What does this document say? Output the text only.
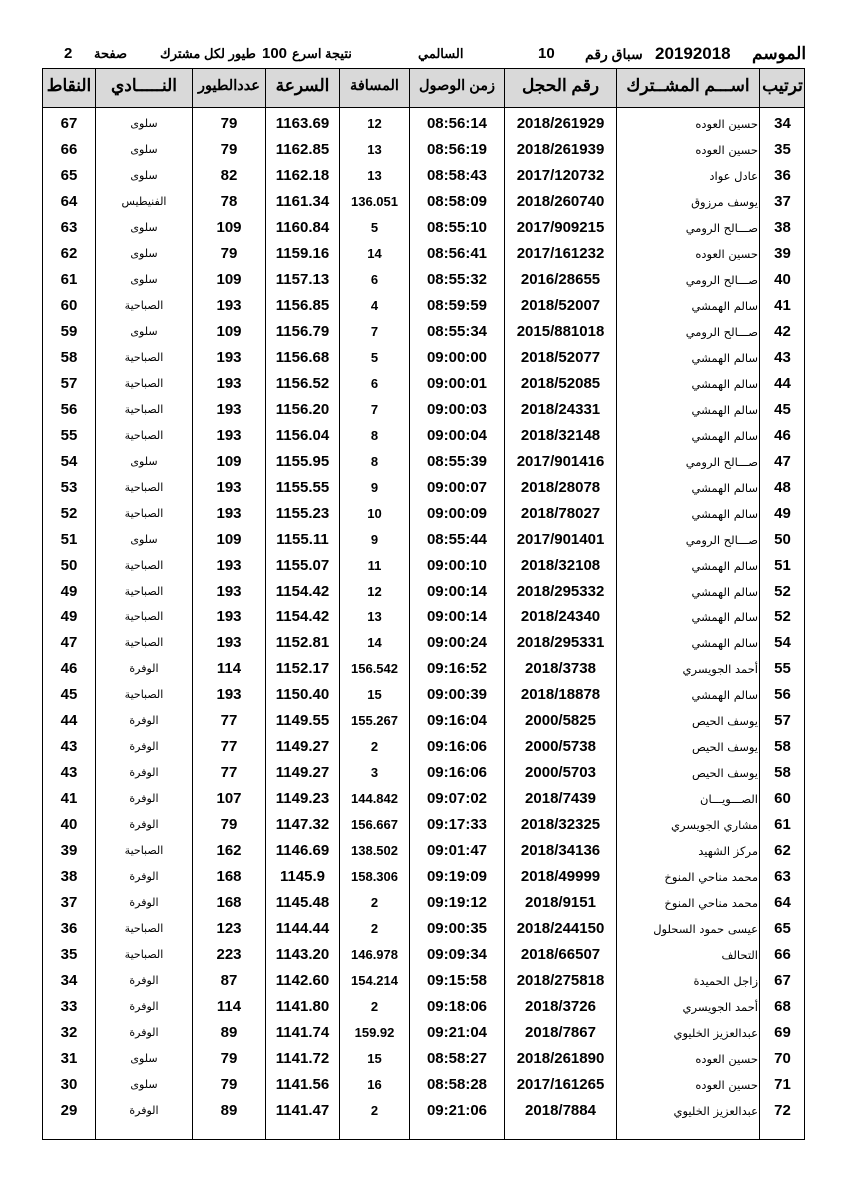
الموسم
20192018
سباق رقم
10
السالمي
نتيجة اسرع
100
طيور لكل مشترك
صفحة
2
ترتيب
اســـم المشــترك
رقم الحجل
زمن الوصول
المسافة
السرعة
عددالطيور
النـــــادي
النقاط
34
حسين العوده
2018/261929
08:56:14
12
1163.69
79
سلوى
67
35
حسين العوده
2018/261939
08:56:19
13
1162.85
79
سلوى
66
36
عادل عواد
2017/120732
08:58:43
13
1162.18
82
سلوى
65
37
يوسف مرزوق
2018/260740
08:58:09
136.051
1161.34
78
الفنيطيس
64
38
صـــالح الرومي
2017/909215
08:55:10
5
1160.84
109
سلوى
63
39
حسين العوده
2017/161232
08:56:41
14
1159.16
79
سلوى
62
40
صـــالح الرومي
2016/28655
08:55:32
6
1157.13
109
سلوى
61
41
سالم الهمشي
2018/52007
08:59:59
4
1156.85
193
الصباحية
60
42
صـــالح الرومي
2015/881018
08:55:34
7
1156.79
109
سلوى
59
43
سالم الهمشي
2018/52077
09:00:00
5
1156.68
193
الصباحية
58
44
سالم الهمشي
2018/52085
09:00:01
6
1156.52
193
الصباحية
57
45
سالم الهمشي
2018/24331
09:00:03
7
1156.20
193
الصباحية
56
46
سالم الهمشي
2018/32148
09:00:04
8
1156.04
193
الصباحية
55
47
صـــالح الرومي
2017/901416
08:55:39
8
1155.95
109
سلوى
54
48
سالم الهمشي
2018/28078
09:00:07
9
1155.55
193
الصباحية
53
49
سالم الهمشي
2018/78027
09:00:09
10
1155.23
193
الصباحية
52
50
صـــالح الرومي
2017/901401
08:55:44
9
1155.11
109
سلوى
51
51
سالم الهمشي
2018/32108
09:00:10
11
1155.07
193
الصباحية
50
52
سالم الهمشي
2018/295332
09:00:14
12
1154.42
193
الصباحية
49
52
سالم الهمشي
2018/24340
09:00:14
13
1154.42
193
الصباحية
49
54
سالم الهمشي
2018/295331
09:00:24
14
1152.81
193
الصباحية
47
55
أحمد الجويسري
2018/3738
09:16:52
156.542
1152.17
114
الوفرة
46
56
سالم الهمشي
2018/18878
09:00:39
15
1150.40
193
الصباحية
45
57
يوسف الحيص
2000/5825
09:16:04
155.267
1149.55
77
الوفرة
44
58
يوسف الحيص
2000/5738
09:16:06
2
1149.27
77
الوفرة
43
58
يوسف الحيص
2000/5703
09:16:06
3
1149.27
77
الوفرة
43
60
الصـــويـــان
2018/7439
09:07:02
144.842
1149.23
107
الوفرة
41
61
مشاري الجويسري
2018/32325
09:17:33
156.667
1147.32
79
الوفرة
40
62
مركز الشهيد
2018/34136
09:01:47
138.502
1146.69
162
الصباحية
39
63
محمد مناحي المنوخ
2018/49999
09:19:09
158.306
1145.9
168
الوفرة
38
64
محمد مناحي المنوخ
2018/9151
09:19:12
2
1145.48
168
الوفرة
37
65
عيسى حمود السحلول
2018/244150
09:00:35
2
1144.44
123
الصباحية
36
66
التحالف
2018/66507
09:09:34
146.978
1143.20
223
الصباحية
35
67
زاجل الحميدة
2018/275818
09:15:58
154.214
1142.60
87
الوفرة
34
68
أحمد الجويسري
2018/3726
09:18:06
2
1141.80
114
الوفرة
33
69
عبدالعزيز الخليوي
2018/7867
09:21:04
159.92
1141.74
89
الوفرة
32
70
حسين العوده
2018/261890
08:58:27
15
1141.72
79
سلوى
31
71
حسين العوده
2017/161265
08:58:28
16
1141.56
79
سلوى
30
72
عبدالعزيز الخليوي
2018/7884
09:21:06
2
1141.47
89
الوفرة
29
